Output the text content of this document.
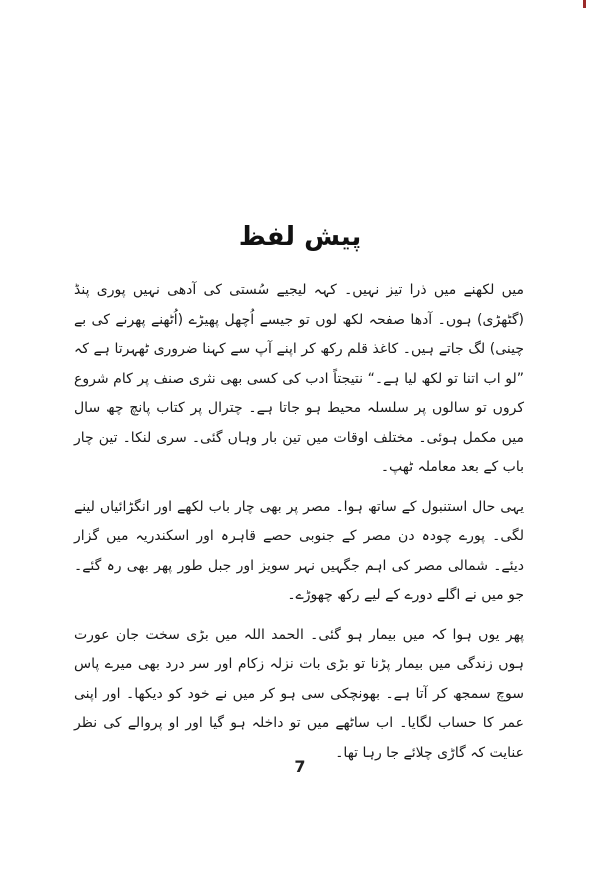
پیش لفظ

میں لکھنے میں ذرا تیز نہیں۔ کہہ لیجیے سُستی کی آدھی نہیں پوری پنڈ (گٹھڑی) ہوں۔ آدھا صفحہ لکھ لوں تو جیسے اُچھل پھیڑے (اُٹھنے پھرنے کی بے چینی) لگ جاتے ہیں۔ کاغذ قلم رکھ کر اپنے آپ سے کہنا ضروری ٹھہرتا ہے کہ ”لو اب اتنا تو لکھ لیا ہے۔“ نتیجتاً ادب کی کسی بھی نثری صنف پر کام شروع کروں تو سالوں پر سلسلہ محیط ہو جاتا ہے۔ چترال پر کتاب پانچ چھ سال میں مکمل ہوئی۔ مختلف اوقات میں تین بار وہاں گئی۔ سری لنکا۔ تین چار باب کے بعد معاملہ ٹھپ۔

یہی حال استنبول کے ساتھ ہوا۔ مصر پر بھی چار باب لکھے اور انگڑائیاں لینے لگی۔ پورے چودہ دن مصر کے جنوبی حصے قاہرہ اور اسکندریہ میں گزار دیئے۔ شمالی مصر کی اہم جگہیں نہر سویز اور جبل طور پھر بھی رہ گئے۔ جو میں نے اگلے دورے کے لیے رکھ چھوڑے۔

پھر یوں ہوا کہ میں بیمار ہو گئی۔ الحمد اللہ میں بڑی سخت جان عورت ہوں زندگی میں بیمار پڑنا تو بڑی بات نزلہ زکام اور سر درد بھی میرے پاس سوچ سمجھ کر آتا ہے۔ بھونچکی سی ہو کر میں نے خود کو دیکھا۔ اور اپنی عمر کا حساب لگایا۔ اب ساٹھے میں تو داخلہ ہو گیا اور او پروالے کی نظر عنایت کہ گاڑی چلائے جا رہا تھا۔

7
